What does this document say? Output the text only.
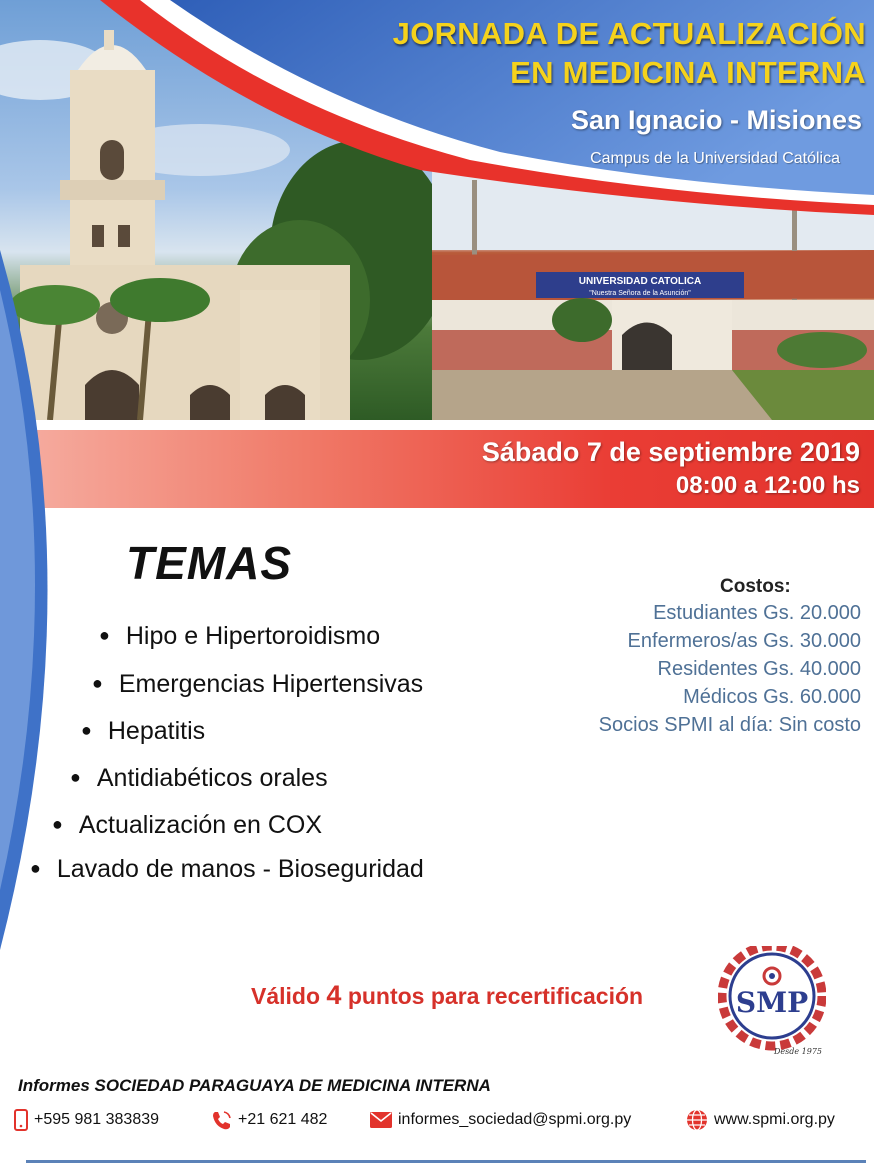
UNIVERSIDAD CATOLICA
"Nuestra Señora de la Asunción"
JORNADA DE ACTUALIZACIÓN
EN MEDICINA INTERNA
San Ignacio - Misiones
Campus de la Universidad Católica
Sábado 7 de septiembre 2019
08:00 a 12:00 hs
TEMAS
● Hipo e Hipertoroidismo
● Emergencias Hipertensivas
● Hepatitis
● Antidiabéticos orales
● Actualización en COX
● Lavado de manos - Bioseguridad
Costos:
Estudiantes Gs. 20.000
Enfermeros/as Gs. 30.000
Residentes Gs. 40.000
Médicos Gs. 60.000
Socios SPMI al día: Sin costo
Válido 4 puntos para recertificación	SMP
Desde 1975
Informes SOCIEDAD PARAGUAYA DE MEDICINA INTERNA
+595 981 383839	+21 621 482	informes_sociedad@spmi.org.py	www.spmi.org.py
